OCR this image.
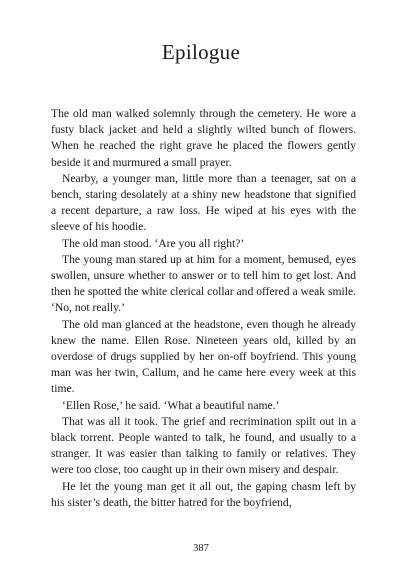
Epilogue

The old man walked solemnly through the cemetery. He wore a fusty black jacket and held a slightly wilted bunch of flowers. When he reached the right grave he placed the flowers gently beside it and murmured a small prayer.

Nearby, a younger man, little more than a teenager, sat on a bench, staring desolately at a shiny new headstone that signified a recent departure, a raw loss. He wiped at his eyes with the sleeve of his hoodie.

The old man stood. ‘Are you all right?’

The young man stared up at him for a moment, bemused, eyes swollen, unsure whether to answer or to tell him to get lost. And then he spotted the white clerical collar and offered a weak smile. ‘No, not really.’

The old man glanced at the headstone, even though he already knew the name. Ellen Rose. Nineteen years old, killed by an overdose of drugs supplied by her on-off boyfriend. This young man was her twin, Callum, and he came here every week at this time.

‘Ellen Rose,’ he said. ‘What a beautiful name.’

That was all it took. The grief and recrimination spilt out in a black torrent. People wanted to talk, he found, and usually to a stranger. It was easier than talking to family or relatives. They were too close, too caught up in their own misery and despair.

He let the young man get it all out, the gaping chasm left by his sister’s death, the bitter hatred for the boyfriend,

387
